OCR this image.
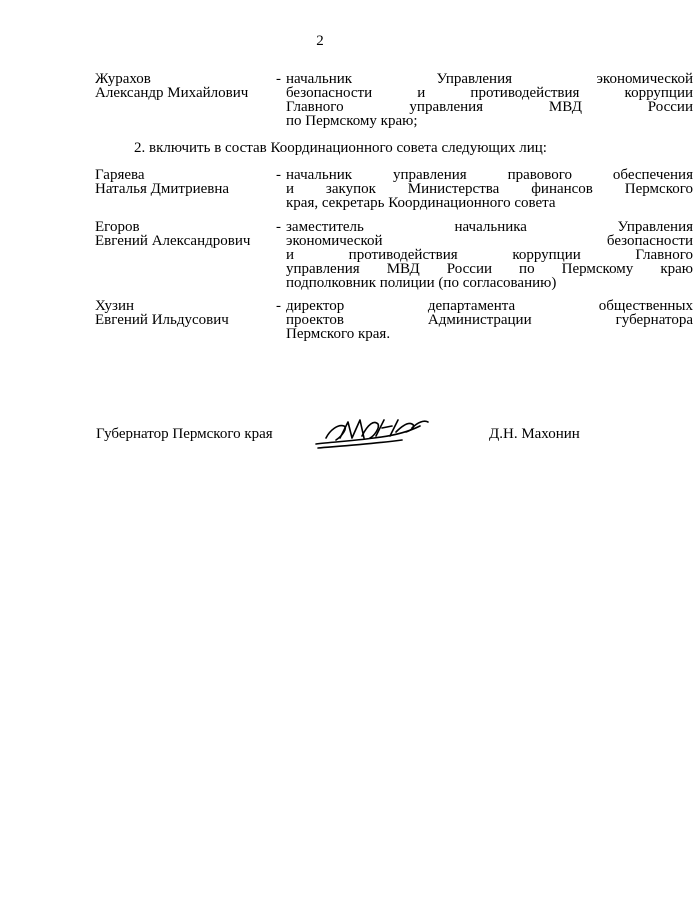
2
Журахов
Александр Михайлович
- начальник Управления экономической
безопасности и противодействия коррупции
Главного управления МВД России
по Пермскому краю;
2. включить в состав Координационного совета следующих лиц:
Гаряева
Наталья Дмитриевна
- начальник управления правового обеспечения
и закупок Министерства финансов Пермского
края, секретарь Координационного совета
Егоров
Евгений Александрович
- заместитель начальника Управления
экономической безопасности
и противодействия коррупции Главного
управления МВД России по Пермскому краю
подполковник полиции (по согласованию)
Хузин
Евгений Ильдусович
- директор департамента общественных
проектов Администрации губернатора
Пермского края.
Губернатор Пермского края	Д.Н. Махонин
